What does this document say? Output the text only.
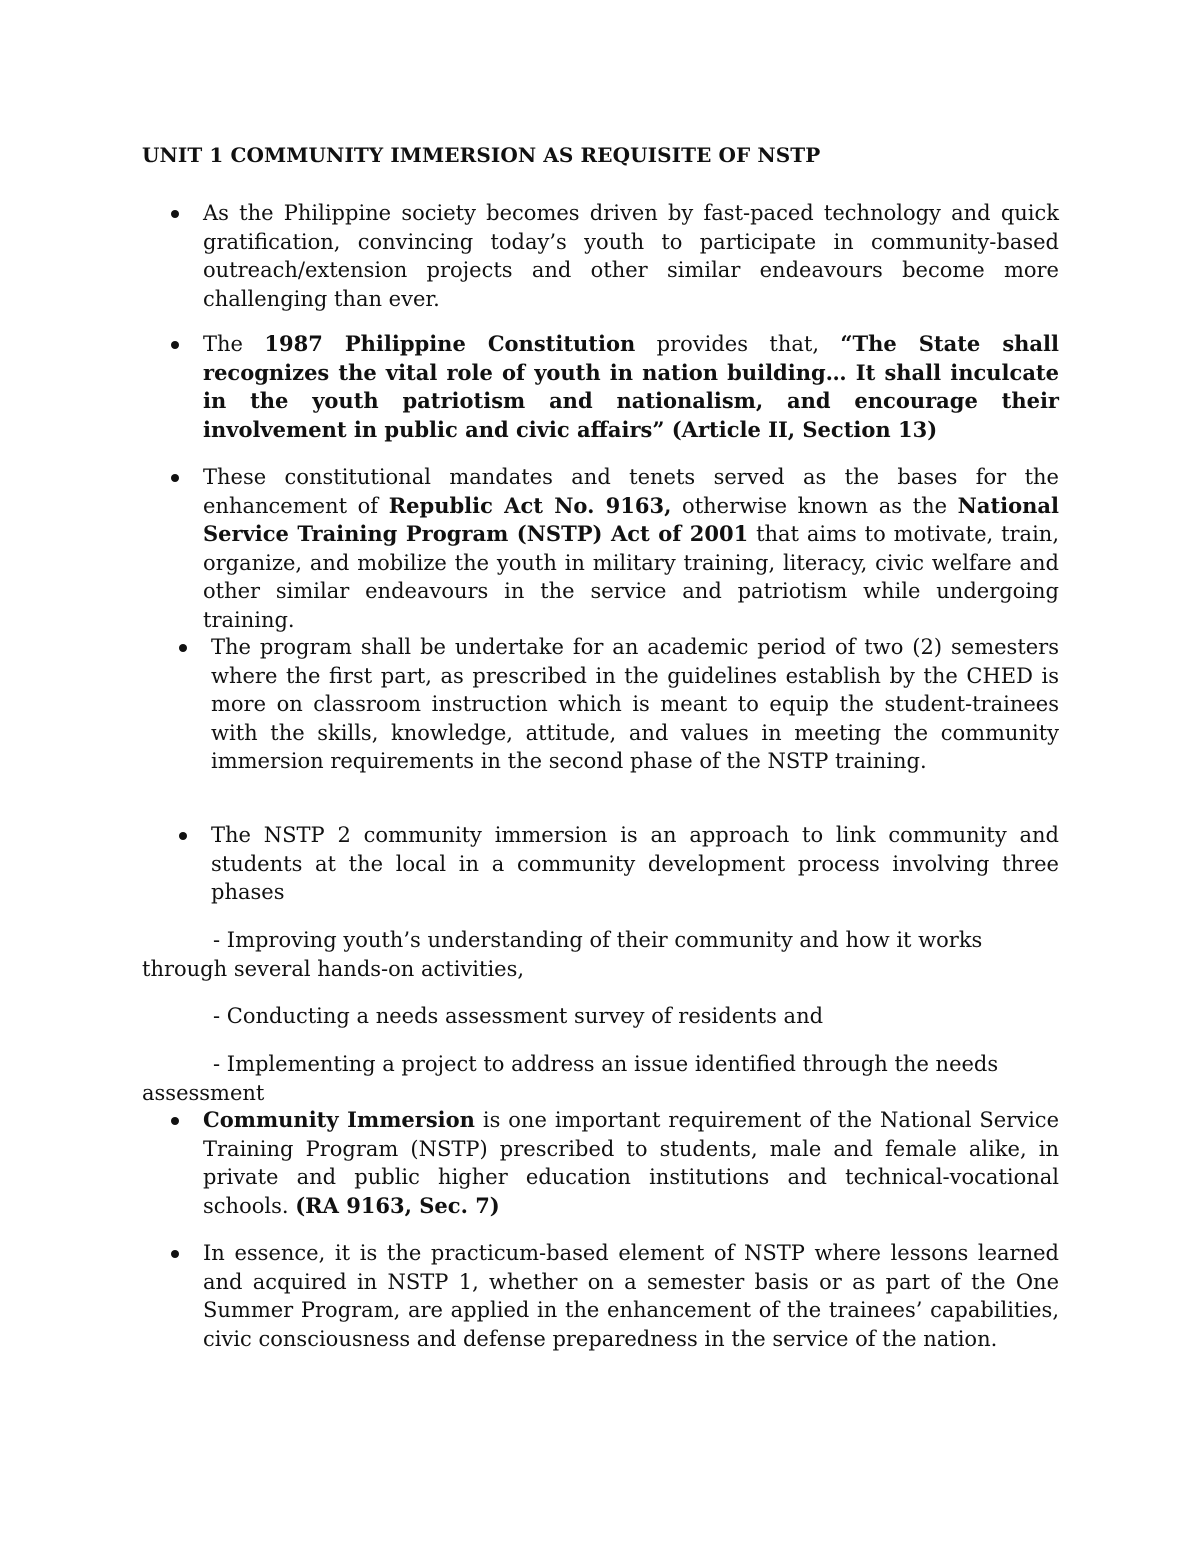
UNIT 1 COMMUNITY IMMERSION AS REQUISITE OF NSTP

As the Philippine society becomes driven by fast-paced technology and quick gratification, convincing today’s youth to participate in community-based outreach/extension projects and other similar endeavours become more challenging than ever.

The 1987 Philippine Constitution provides that, “The State shall recognizes the vital role of youth in nation building… It shall inculcate in the youth patriotism and nationalism, and encourage their involvement in public and civic affairs” (Article II, Section 13)

These constitutional mandates and tenets served as the bases for the enhancement of Republic Act No. 9163, otherwise known as the National Service Training Program (NSTP) Act of 2001 that aims to motivate, train, organize, and mobilize the youth in military training, literacy, civic welfare and other similar endeavours in the service and patriotism while undergoing training.

The program shall be undertake for an academic period of two (2) semesters where the first part, as prescribed in the guidelines establish by the CHED is more on classroom instruction which is meant to equip the student-trainees with the skills, knowledge, attitude, and values in meeting the community immersion requirements in the second phase of the NSTP training.

The NSTP 2 community immersion is an approach to link community and students at the local in a community development process involving three phases

- Improving youth’s understanding of their community and how it works through several hands-on activities,

- Conducting a needs assessment survey of residents and

- Implementing a project to address an issue identified through the needs assessment

Community Immersion is one important requirement of the National Service Training Program (NSTP) prescribed to students, male and female alike, in private and public higher education institutions and technical-vocational schools. (RA 9163, Sec. 7)

In essence, it is the practicum-based element of NSTP where lessons learned and acquired in NSTP 1, whether on a semester basis or as part of the One Summer Program, are applied in the enhancement of the trainees’ capabilities, civic consciousness and defense preparedness in the service of the nation.
